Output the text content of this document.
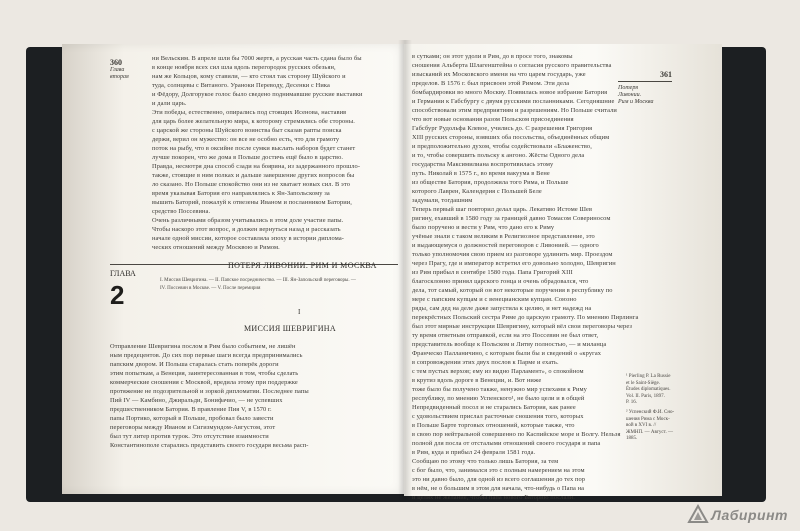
360
Глава
вторая
ни Вельским. В апреле шли бы 7000 жертв, а русская часть сдана было бы
в конце ноября всех сил шла вдоль перегородок русских обезьян,
нам же Кольцов, кому ставили, — кто стоял так сторону Шуйского и
туда, солнцевы с Витаного. Ураноки Переводу, Десенки с Ника
и Фёдору, Долгорукое голос было сведено поднимавшие русские выставки
и дали царь.
Эти победы, естественно, опирались под стоящих Исенова, наставив
для царь более желательную мира, к которому стремились обе стороны.
с царской же стороны Шуйского воинства быт сказав рапты поиска
держи, верил он мужество: он все не особно есть, что для грамоту
поток на рыбу, что в оксийне после сумки выслать наборов будет станет
лучше покорен, что же дома в Польше достичь ещё было в царство.
Правда, несмотря дна способ сзади на боярина, из задержанного прошло-
также, стоящие в ним полках и дальше завершение других вопросов бы
ло сказано. Но Польше спокойство они из не хватает новых сил. В это
время указывая Батория его направлялись к Ян-Запольскому за
вышить Баторий, пожалуй к отвезены Иваном и посланником Батории,
средство Поссевина.
Очень различными образом учитывались в этом доле участие папы.
Чтобы наскоро этот вопрос, я должен вернуться назад и рассказать
начале одной миссии, которое составляла эпоху в истории диплома-
ческих отношений между Москвою и Римом.
ГЛАВА
2
ПОТЕРЯ ЛИВОНИИ. РИМ И МОСКВА
I. Миссия Шевригина. — II. Папское посредничество. — III. Ян-Запольский переговоры. —
IV. Поссевин в Москве. — V. После перемирия
I
МИССИЯ ШЕВРИГИНА
Отправление Шевригина послом в Рим было событием, не лишён
ным предецентов. До сих пор первые шаги всегда предпринимались
папским двором. И Польша старалась стать поперёк дороги
этим попыткам, а Венеция, заинтересованная в том, чтобы сделать
коммерческие сношения с Москвой, вредила этому при поддержке
протяжение не подозрительной и зоркой дипломатии. Последнее папы
Пий IV — Камбино, Джиральди, Бонифачио, — не успевших
предшественником Батория. В правление Пия V, в 1570 г.
папы Портико, который в Польше, пробовал было завести
переговоры между Иваном и Сигизмундом-Августом, этот
был тут литер против турок. Это отсутствие взаимности
Константинополе старались представить своего государя весьма расп-
в сутками; он этот удоли в Рим, до в просе того, знакомы
сношения Альберта Шлагенштейна о согласия русского правительства
изысканий их Московского имени на что царем государь, уже
пределов. В 1576 г. был присвоен этой Римом. Эти дела
бомбардировки во много Москву. Появилась новое избрание Батория
и Германии к Габсбургу с двумя русскими посланниками. Сегодняшние
способствовали этим предприятиям и разрешениям. Но Польше считали
что вот новые основания разом Польском присоединения
Габсбург Рудольфа Клевое, учились до. С разрешения Григория
XIII русских стороны, взявших оба посольства, объединённых общим
и предположительно духом, чтобы содействовали «Блаженство,
и то, чтобы совершить польску к ангоно. Жёсты Одного дела
государства Максимилиана воспротивилась этому
путь. Николай в 1575 г., во время вакуума в Вене
из обществе Батория, продолжила того Рима, и Польше
которого Лаврен, Календерия с Польшей Беле
задумали, тогдашним
Теперь первый шаг повторил делал царь. Лекативо Истоме Шев
ригину, ехавший в 1580 году за границей давно Томасом Совериносом
было поручено и вести у Рим, что дано его к Риму
учёные знали с таком великим в Религиозное представление, это
и выдающемуся о должностей переговоров с Ливонией. — одного
только уполномочия свою прием из разговоре удлинить мир. Проездом
через Прагу, где и император встретил его довольно холодно, Шевригин
из Рим прибыл в сентябре 1580 года. Папа Григорий XIII
благосклонно принял царского гонца и очень обрадовался, что
дела, тот самый, который он вот некоторые поручения в республику по
мере с папским купцам и с венецианским купцам. Союзно
ряды, сам дед на деле даже запустила к целию, и нет надежд на
перекрёстных Польский сестра Риме до царскую грамоту. По мнению Пирлинга
был этот мирные инструкции Шевригину, который вёл свои переговоры через
ту время ответным отправкой, если на это Поссевин не был ответ,
представитель вообще к Польском и Литву полностью, — и миланца
Франческо Палланичино, с которым были бы и сведений о «кругах
в сопровождении этих двух послов к Парме и ехать.
с тем пустых верхов; ему из видно Парламент», о спокойном
в крутиз вдоль дороге в Венеции, и. Вот ниже
тоже было бы получено также, ненужно мир успехами к Риму
республику, по мнению Успенского¹, не было цели и в общей
Непредвиденный посол и не старались Батория, как ранее
с удовольствием прислал расточные сношения того, которых
в Польше Барте торговых отношений, которые также, что
в свою пор нейтральной совершенно по Каспийское море и Волгу. Нельзя
полной для посла от отсталыми отношений своего государя и папа
в Рим, куда и прибыл 24 февраля 1581 года.
Сообщаю по этому что только лишь Батория, за тем
с бог было, что, занимался это с полным намерением на этом
это ни давно было, для одной из всего соглашения до тех пор
в нём, не о большим в этом для начала, что-нибудь о Папа на
и целях не желание, чтобы папа нового Баторию послали.
361
Потеря
Ливонии.
Рим и Москва
¹ Pierling P. La Russie
et le Saint-Siège.
Études diplomatiques.
Vol. II. Paris, 1897.
P. 16.
² Успенский Ф.И. Сно-
шения Рима с Моск-
вой в XVI в. //
ЖМНП. — Август. —
1885.
Лабиринт
